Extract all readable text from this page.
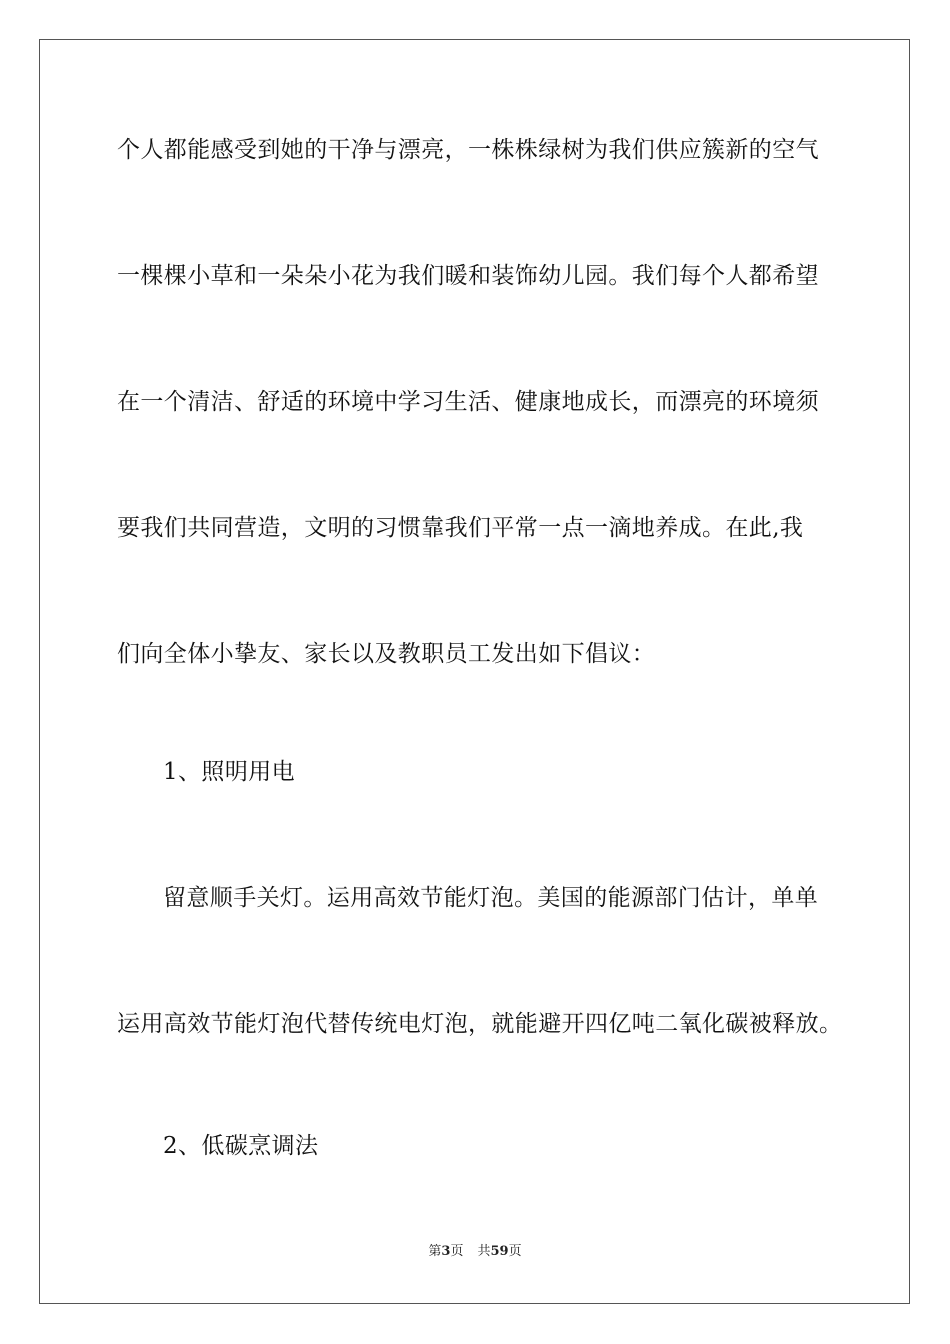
个人都能感受到她的干净与漂亮，一株株绿树为我们供应簇新的空气
一棵棵小草和一朵朵小花为我们暖和装饰幼儿园。我们每个人都希望
在一个清洁、舒适的环境中学习生活、健康地成长，而漂亮的环境须
要我们共同营造，文明的习惯靠我们平常一点一滴地养成。在此,我
们向全体小挚友、家长以及教职员工发出如下倡议：
1、照明用电
留意顺手关灯。运用高效节能灯泡。美国的能源部门估计，单单
运用高效节能灯泡代替传统电灯泡，就能避开四亿吨二氧化碳被释放。
2、低碳烹调法
第3页 共59页
